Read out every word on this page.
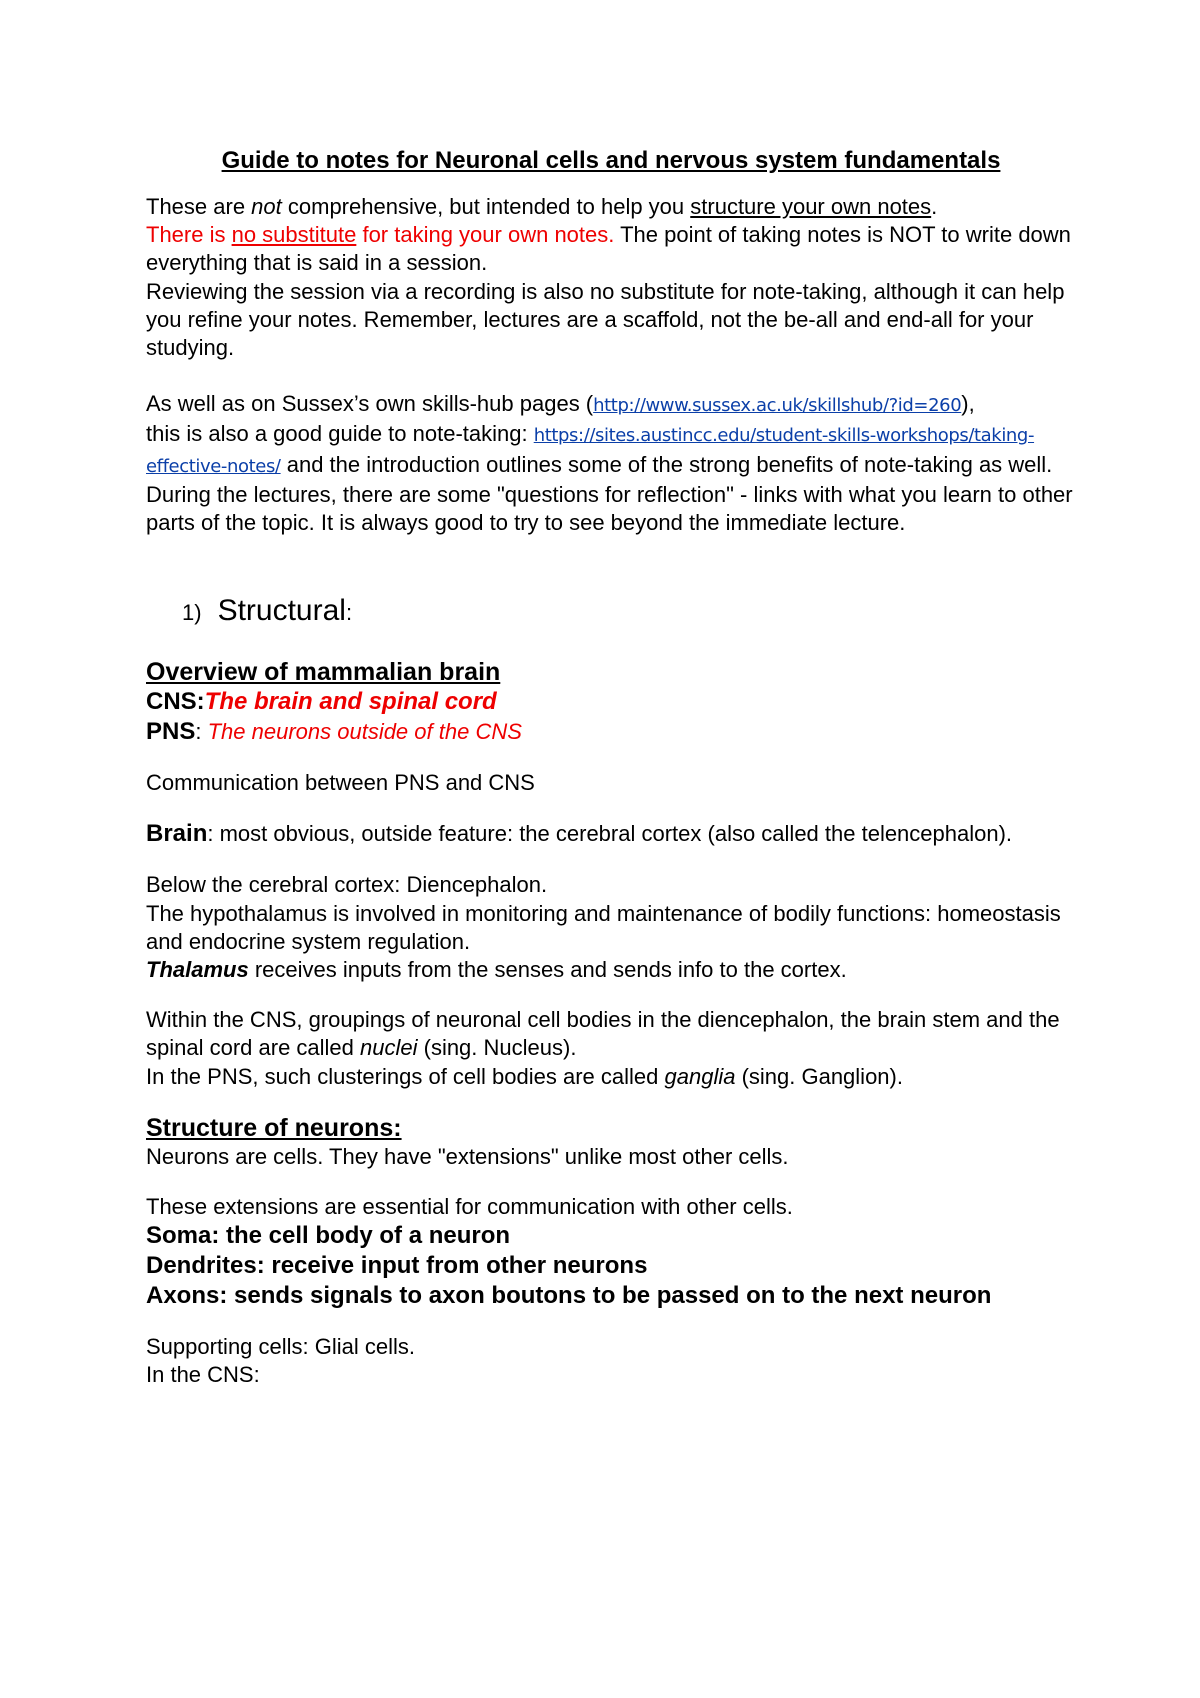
Guide to notes for Neuronal cells and nervous system fundamentals

These are not comprehensive, but intended to help you structure your own notes.

There is no substitute for taking your own notes. The point of taking notes is NOT to write down everything that is said in a session.

Reviewing the session via a recording is also no substitute for note-taking, although it can help you refine your notes. Remember, lectures are a scaffold, not the be-all and end-all for your studying.

As well as on Sussex’s own skills-hub pages (http://www.sussex.ac.uk/skillshub/?id=260),
this is also a good guide to note-taking: https://sites.austincc.edu/student-skills-workshops/taking-effective-notes/ and the introduction outlines some of the strong benefits of note-taking as well.

During the lectures, there are some "questions for reflection" - links with what you learn to other parts of the topic. It is always good to try to see beyond the immediate lecture.

1) Structural:
Overview of mammalian brain

CNS:The brain and spinal cord

PNS: The neurons outside of the CNS

Communication between PNS and CNS

Brain: most obvious, outside feature: the cerebral cortex (also called the telencephalon).

Below the cerebral cortex: Diencephalon.

The hypothalamus is involved in monitoring and maintenance of bodily functions: homeostasis and endocrine system regulation.

Thalamus receives inputs from the senses and sends info to the cortex.

Within the CNS, groupings of neuronal cell bodies in the diencephalon, the brain stem and the spinal cord are called nuclei (sing. Nucleus).

In the PNS, such clusterings of cell bodies are called ganglia (sing. Ganglion).

Structure of neurons:

Neurons are cells. They have "extensions" unlike most other cells.

These extensions are essential for communication with other cells.

Soma: the cell body of a neuron

Dendrites: receive input from other neurons

Axons: sends signals to axon boutons to be passed on to the next neuron

Supporting cells: Glial cells.

In the CNS:
